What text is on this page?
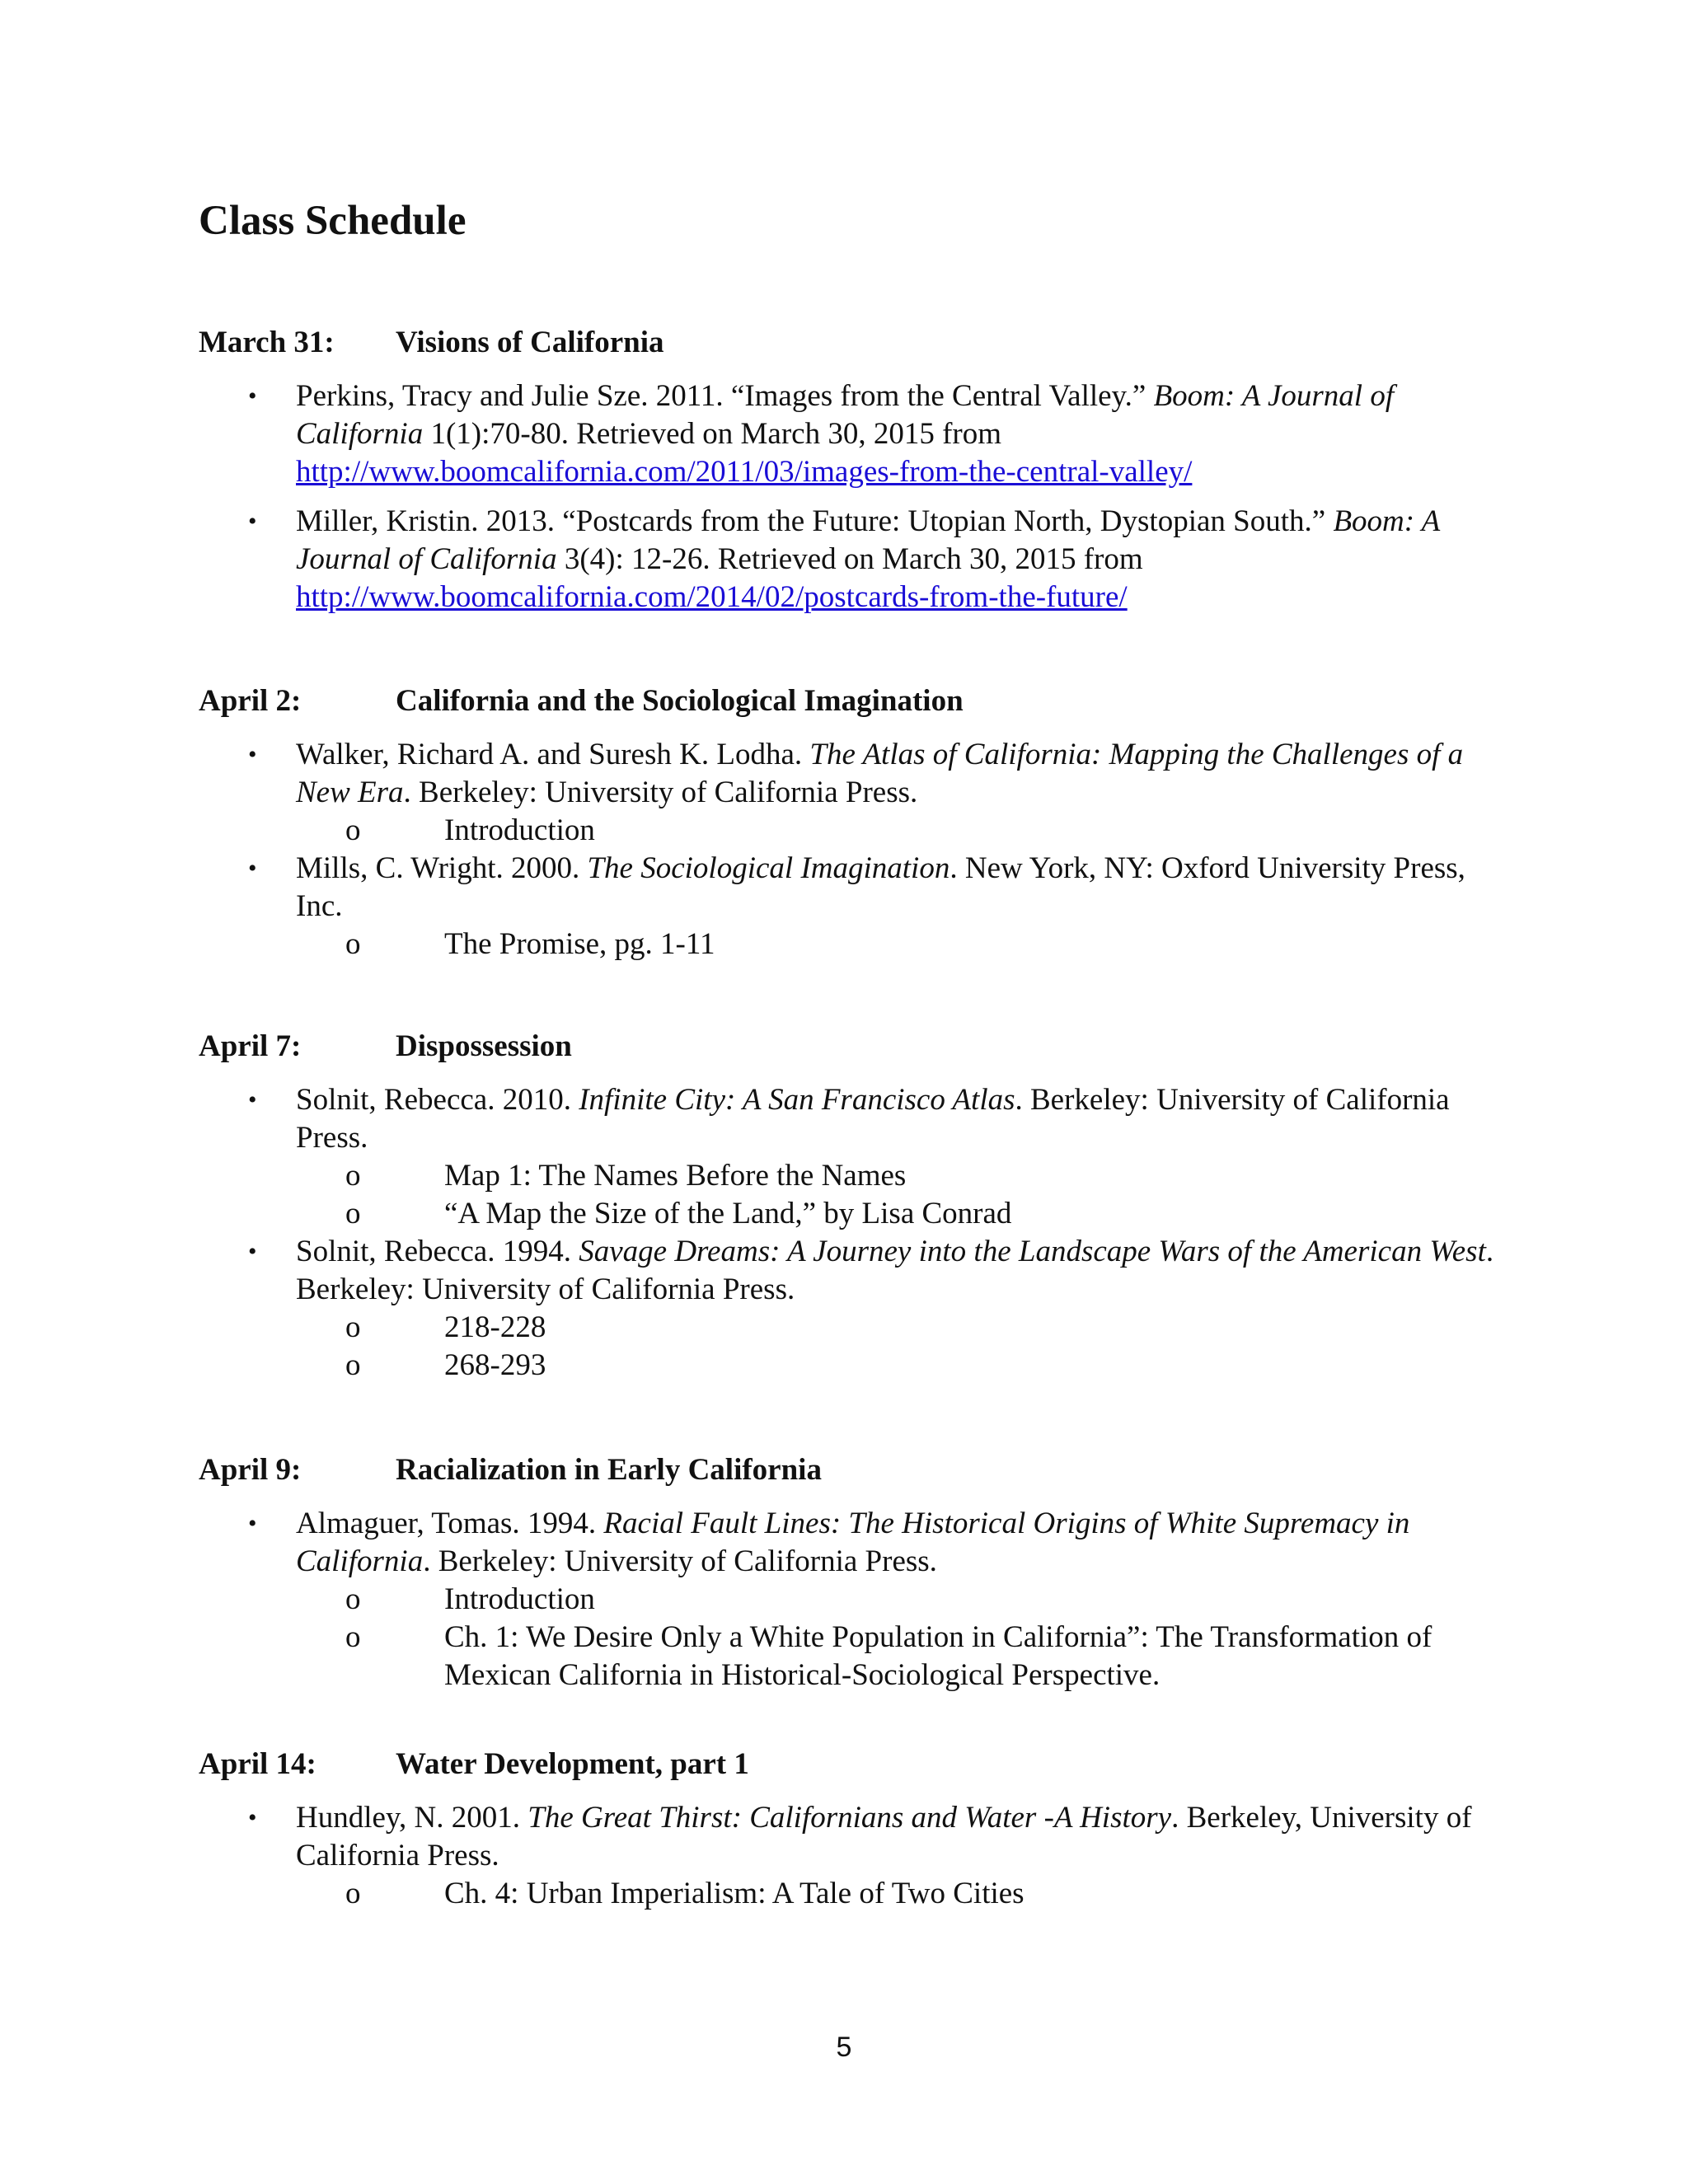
Class Schedule

March 31: Visions of California

• Perkins, Tracy and Julie Sze. 2011. “Images from the Central Valley.” Boom: A Journal of California 1(1):70-80. Retrieved on March 30, 2015 from http://www.boomcalifornia.com/2011/03/images-from-the-central-valley/
• Miller, Kristin. 2013. “Postcards from the Future: Utopian North, Dystopian South.” Boom: A Journal of California 3(4): 12-26. Retrieved on March 30, 2015 from http://www.boomcalifornia.com/2014/02/postcards-from-the-future/

April 2:	California and the Sociological Imagination

• Walker, Richard A. and Suresh K. Lodha. The Atlas of California: Mapping the Challenges of a New Era. Berkeley: University of California Press.
o	Introduction
• Mills, C. Wright. 2000. The Sociological Imagination. New York, NY: Oxford University Press, Inc.
o	The Promise, pg. 1-11

April 7:	Dispossession

• Solnit, Rebecca. 2010. Infinite City: A San Francisco Atlas. Berkeley: University of California Press.
o	Map 1: The Names Before the Names
o	“A Map the Size of the Land,” by Lisa Conrad
• Solnit, Rebecca. 1994. Savage Dreams: A Journey into the Landscape Wars of the American West. Berkeley: University of California Press.
o	218-228
o	268-293

April 9:	Racialization in Early California

• Almaguer, Tomas. 1994. Racial Fault Lines: The Historical Origins of White Supremacy in California. Berkeley: University of California Press.
o	Introduction
o	Ch. 1: We Desire Only a White Population in California”: The Transformation of Mexican California in Historical-Sociological Perspective.

April 14:	Water Development, part 1

• Hundley, N. 2001. The Great Thirst: Californians and Water -A History. Berkeley, University of California Press.
o	Ch. 4: Urban Imperialism: A Tale of Two Cities
5
